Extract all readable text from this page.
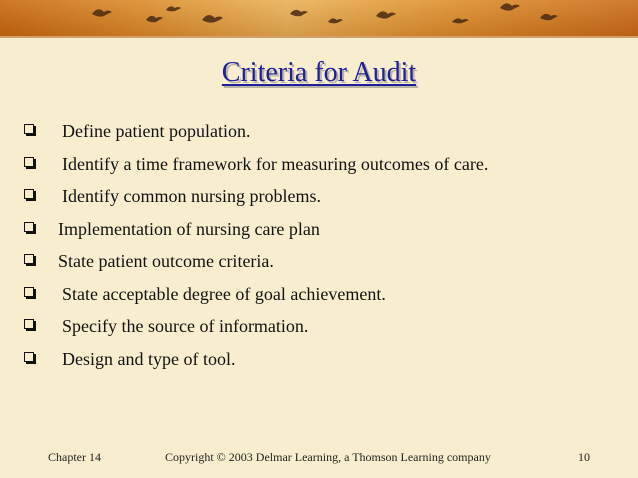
Criteria for Audit
Define patient population.
Identify a time framework for measuring outcomes of care.
Identify common nursing problems.
Implementation of nursing care plan
State patient outcome criteria.
State acceptable degree of goal achievement.
Specify the source of information.
Design and type of tool.
Chapter 14	Copyright © 2003 Delmar Learning, a Thomson Learning company	10
